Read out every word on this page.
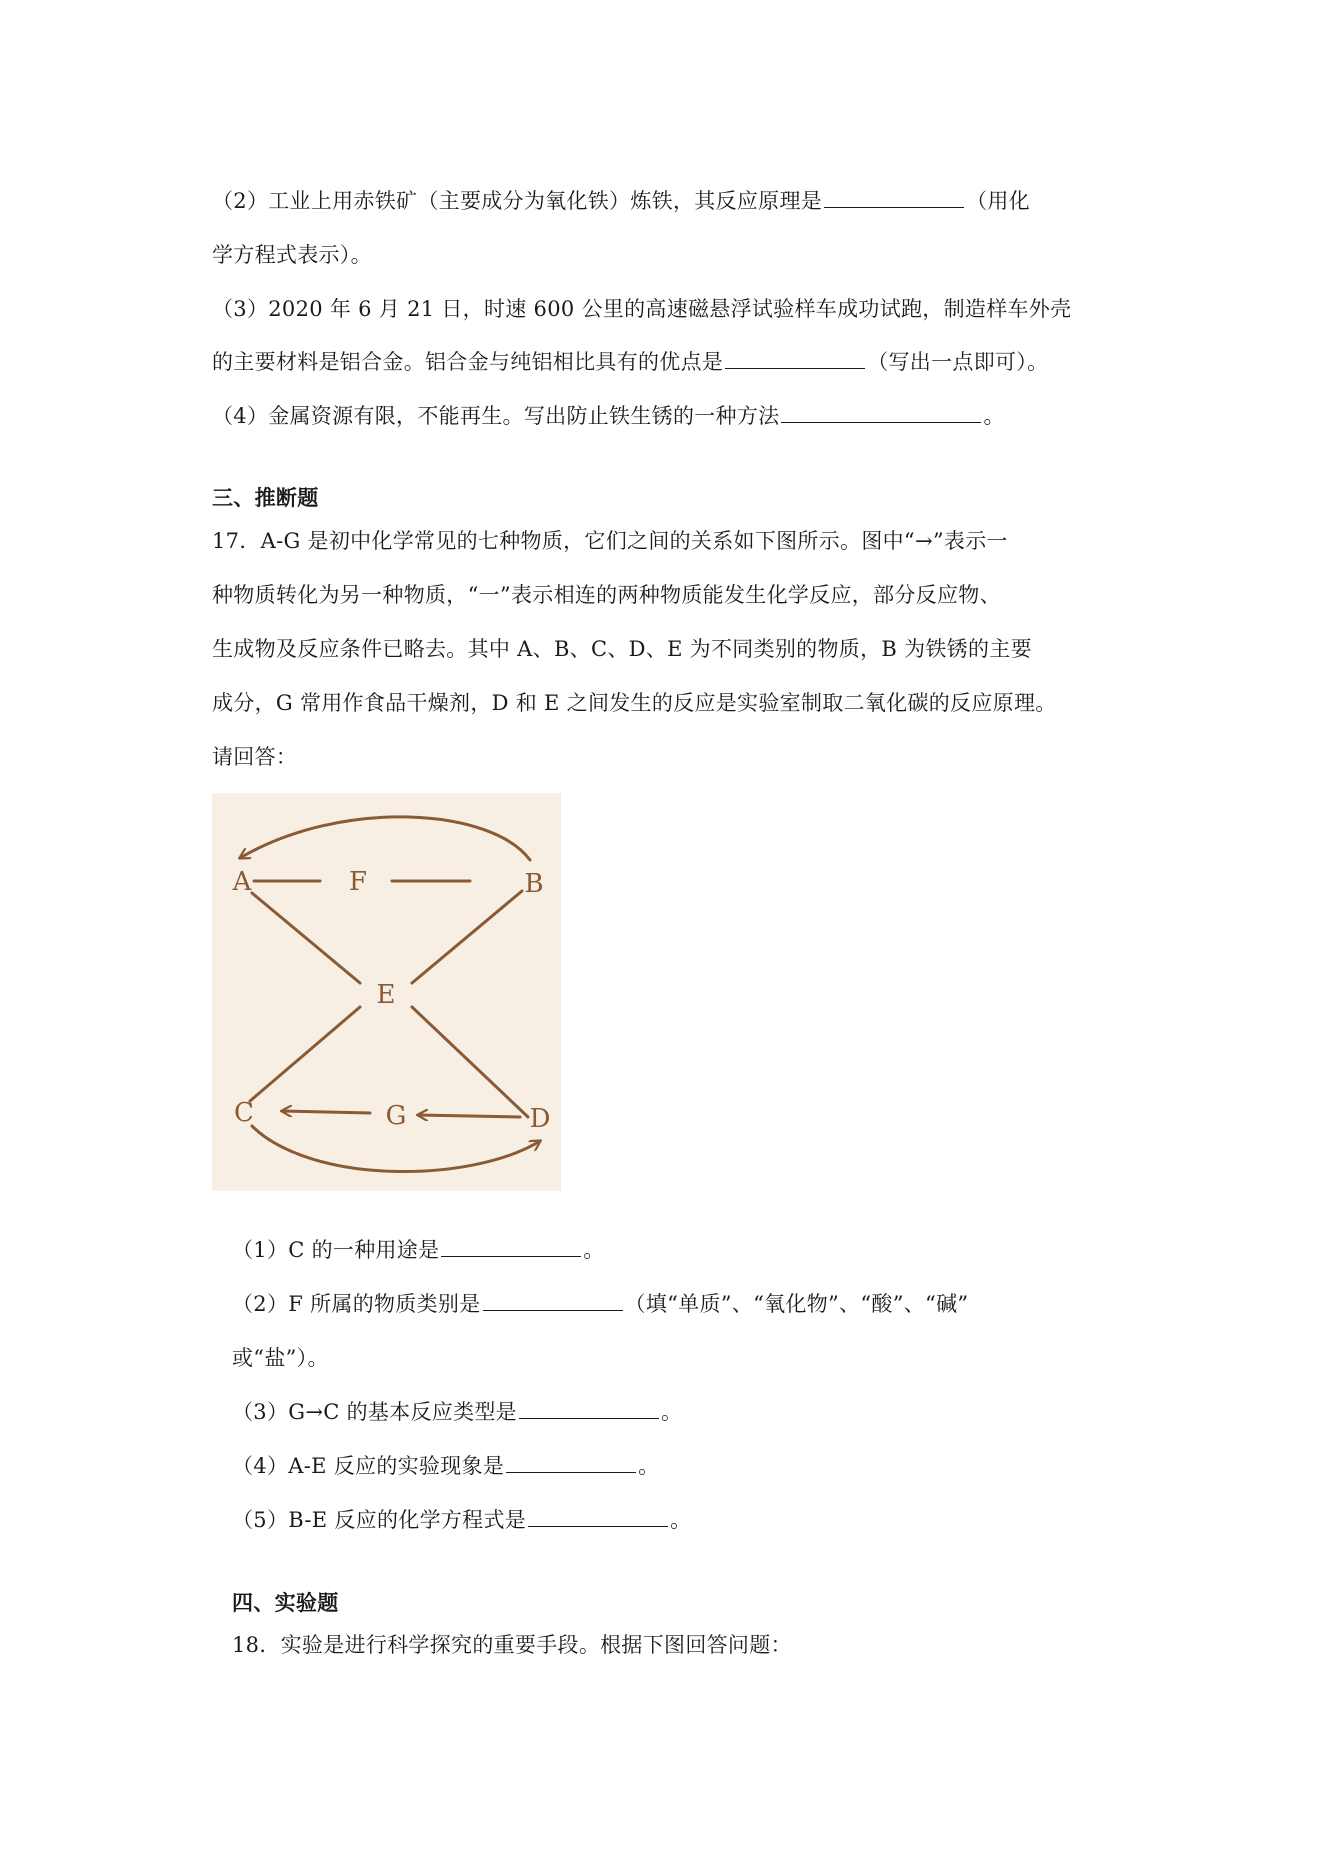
（2）工业上用赤铁矿（主要成分为氧化铁）炼铁，其反应原理是	（用化
学方程式表示）。
（3）2020 年 6 月 21 日，时速 600 公里的高速磁悬浮试验样车成功试跑，制造样车外壳
的主要材料是铝合金。铝合金与纯铝相比具有的优点是	（写出一点即可）。
（4）金属资源有限，不能再生。写出防止铁生锈的一种方法	。
三、推断题
17．A-G 是初中化学常见的七种物质，它们之间的关系如下图所示。图中“→”表示一
种物质转化为另一种物质，“一”表示相连的两种物质能发生化学反应，部分反应物、
生成物及反应条件已略去。其中 A、B、C、D、E 为不同类别的物质，B 为铁锈的主要
成分，G 常用作食品干燥剂，D 和 E 之间发生的反应是实验室制取二氧化碳的反应原理。
请回答：
A	F	B
E
C	G	D
（1）C 的一种用途是	。
（2）F 所属的物质类别是	（填“单质”、“氧化物”、“酸”、“碱”
或“盐”）。
（3）G→C 的基本反应类型是	。
（4）A-E 反应的实验现象是	。
（5）B-E 反应的化学方程式是	。
四、实验题
18．实验是进行科学探究的重要手段。根据下图回答问题：
